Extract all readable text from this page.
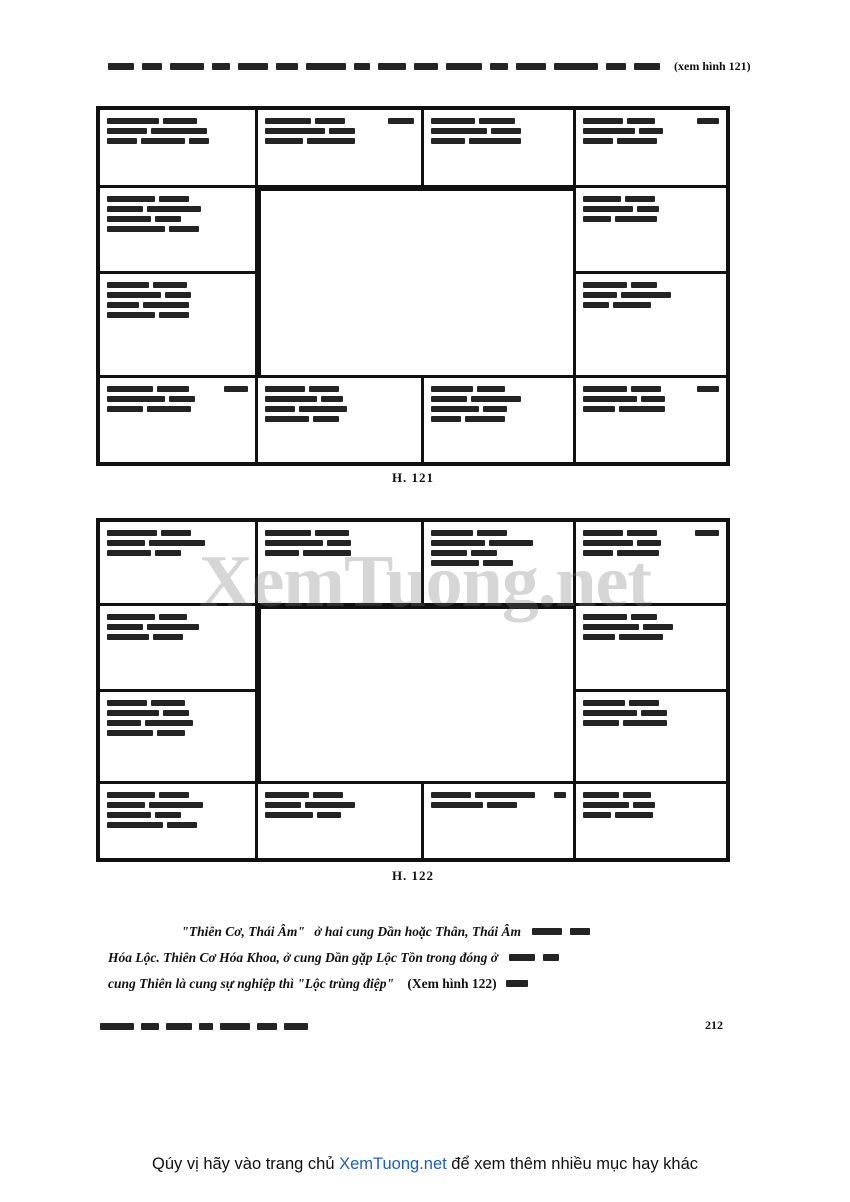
(xem hình 121)
H. 121
H. 122
XemTuong.net
"Thiên Cơ, Thái Âm" ở hai cung Dần hoặc Thân, Thái Âm
Hóa Lộc. Thiên Cơ Hóa Khoa, ở cung Dần gặp Lộc Tồn trong đóng ở
cung Thiên là cung sự nghiệp thì "Lộc trùng điệp" (Xem hình 122)

212
Qúy vị hãy vào trang chủ XemTuong.net để xem thêm nhiều mục hay khác
